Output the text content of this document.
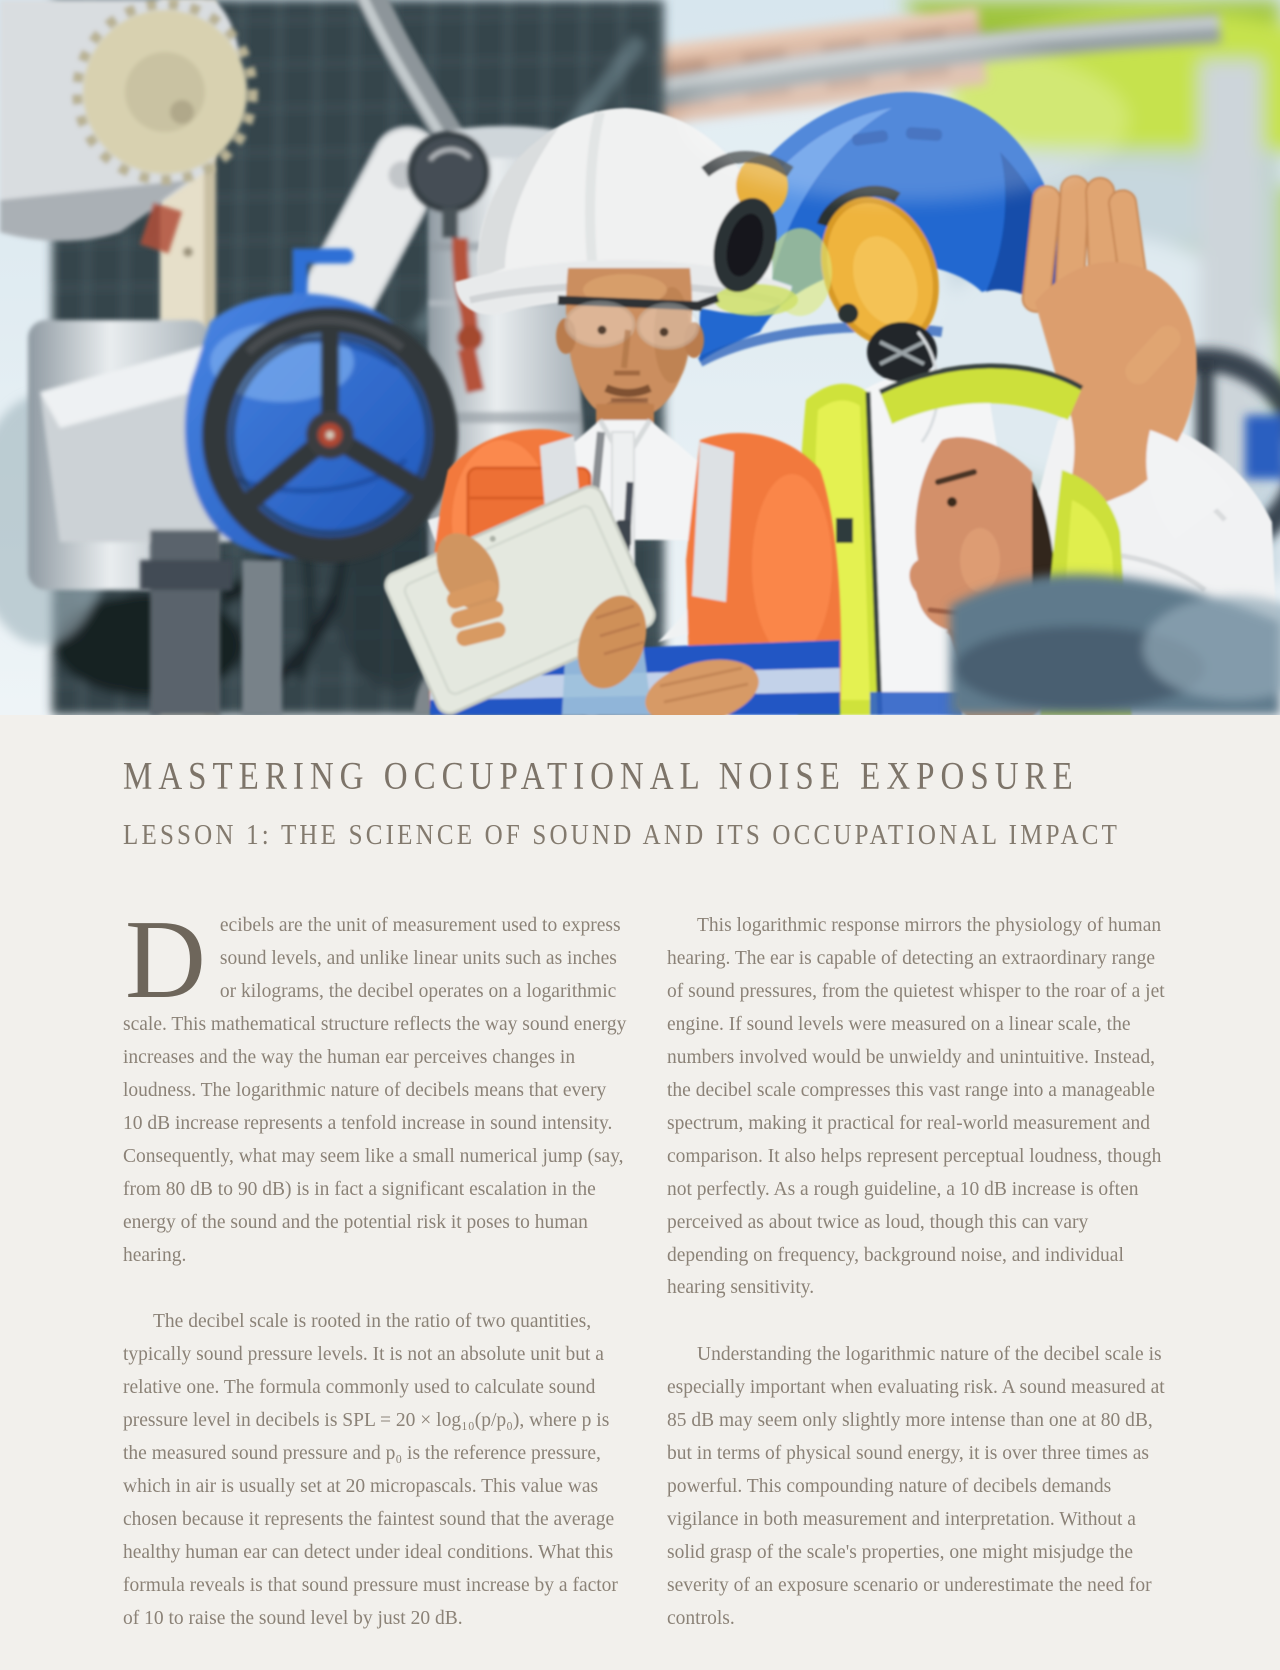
MASTERING OCCUPATIONAL NOISE EXPOSURE
LESSON 1: THE SCIENCE OF SOUND AND ITS OCCUPATIONAL IMPACT

Decibels are the unit of measurement used to express sound levels, and unlike linear units such as inches or kilograms, the decibel operates on a logarithmic scale. This mathematical structure reflects the way sound energy increases and the way the human ear perceives changes in loudness. The logarithmic nature of decibels means that every 10 dB increase represents a tenfold increase in sound intensity. Consequently, what may seem like a small numerical jump (say, from 80 dB to 90 dB) is in fact a significant escalation in the energy of the sound and the potential risk it poses to human hearing.

The decibel scale is rooted in the ratio of two quantities, typically sound pressure levels. It is not an absolute unit but a relative one. The formula commonly used to calculate sound pressure level in decibels is SPL = 20 × log₁₀(p/p₀), where p is the measured sound pressure and p₀ is the reference pressure, which in air is usually set at 20 micropascals. This value was chosen because it represents the faintest sound that the average healthy human ear can detect under ideal conditions. What this formula reveals is that sound pressure must increase by a factor of 10 to raise the sound level by just 20 dB.

This logarithmic response mirrors the physiology of human hearing. The ear is capable of detecting an extraordinary range of sound pressures, from the quietest whisper to the roar of a jet engine. If sound levels were measured on a linear scale, the numbers involved would be unwieldy and unintuitive. Instead, the decibel scale compresses this vast range into a manageable spectrum, making it practical for real-world measurement and comparison. It also helps represent perceptual loudness, though not perfectly. As a rough guideline, a 10 dB increase is often perceived as about twice as loud, though this can vary depending on frequency, background noise, and individual hearing sensitivity.

Understanding the logarithmic nature of the decibel scale is especially important when evaluating risk. A sound measured at 85 dB may seem only slightly more intense than one at 80 dB, but in terms of physical sound energy, it is over three times as powerful. This compounding nature of decibels demands vigilance in both measurement and interpretation. Without a solid grasp of the scale's properties, one might misjudge the severity of an exposure scenario or underestimate the need for controls.
